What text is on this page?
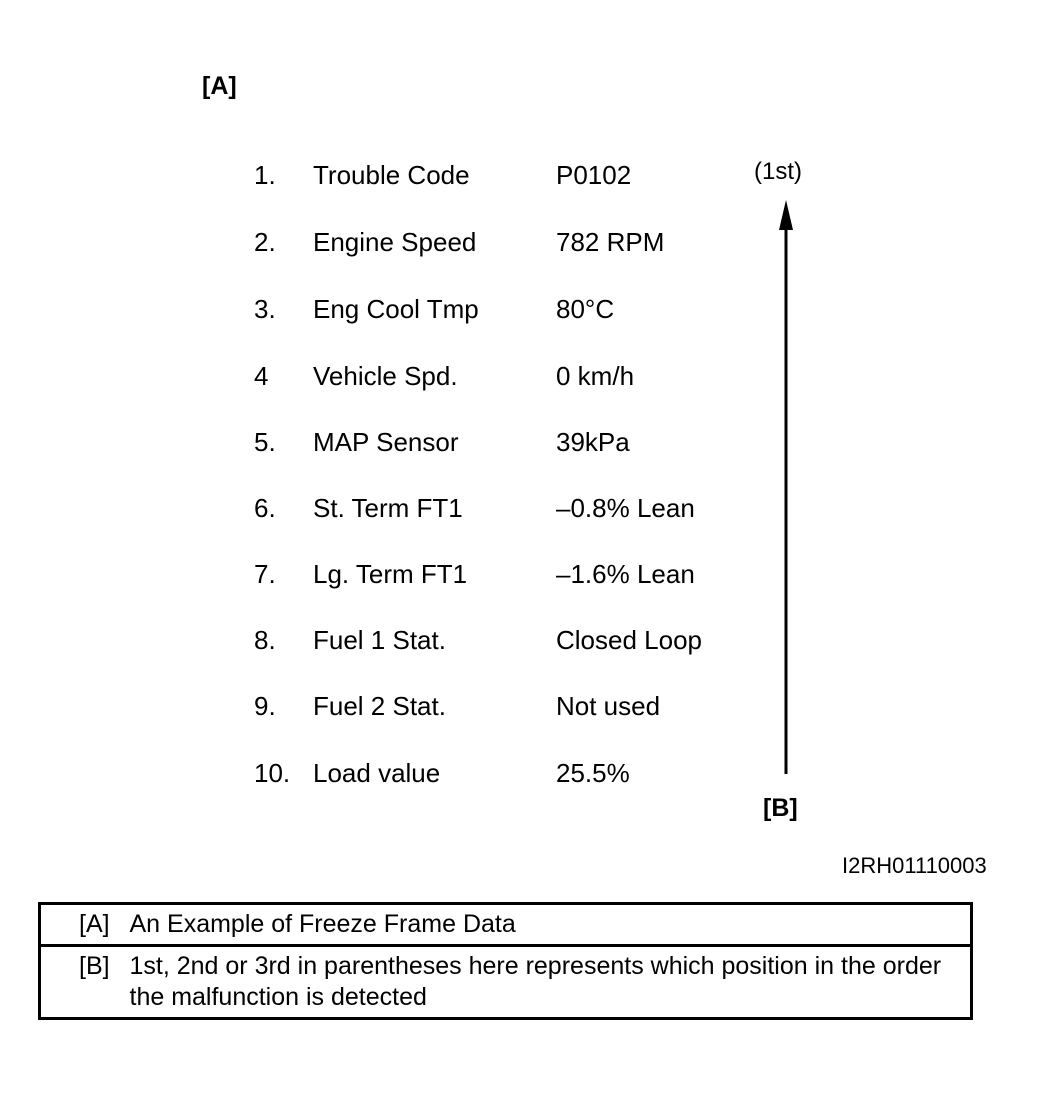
[A]
1. Trouble Code	P0102
2. Engine Speed	782 RPM
3. Eng Cool Tmp	80°C
4 Vehicle Spd.	0 km/h
5. MAP Sensor	39kPa
6. St. Term FT1	–0.8% Lean
7. Lg. Term FT1	–1.6% Lean
8. Fuel 1 Stat.	Closed Loop
9. Fuel 2 Stat.	Not used
10. Load value	25.5%
(1st)
[B]
I2RH01110003
[A]	An Example of Freeze Frame Data
[B]	1st, 2nd or 3rd in parentheses here represents which position in the order the malfunction is detected
